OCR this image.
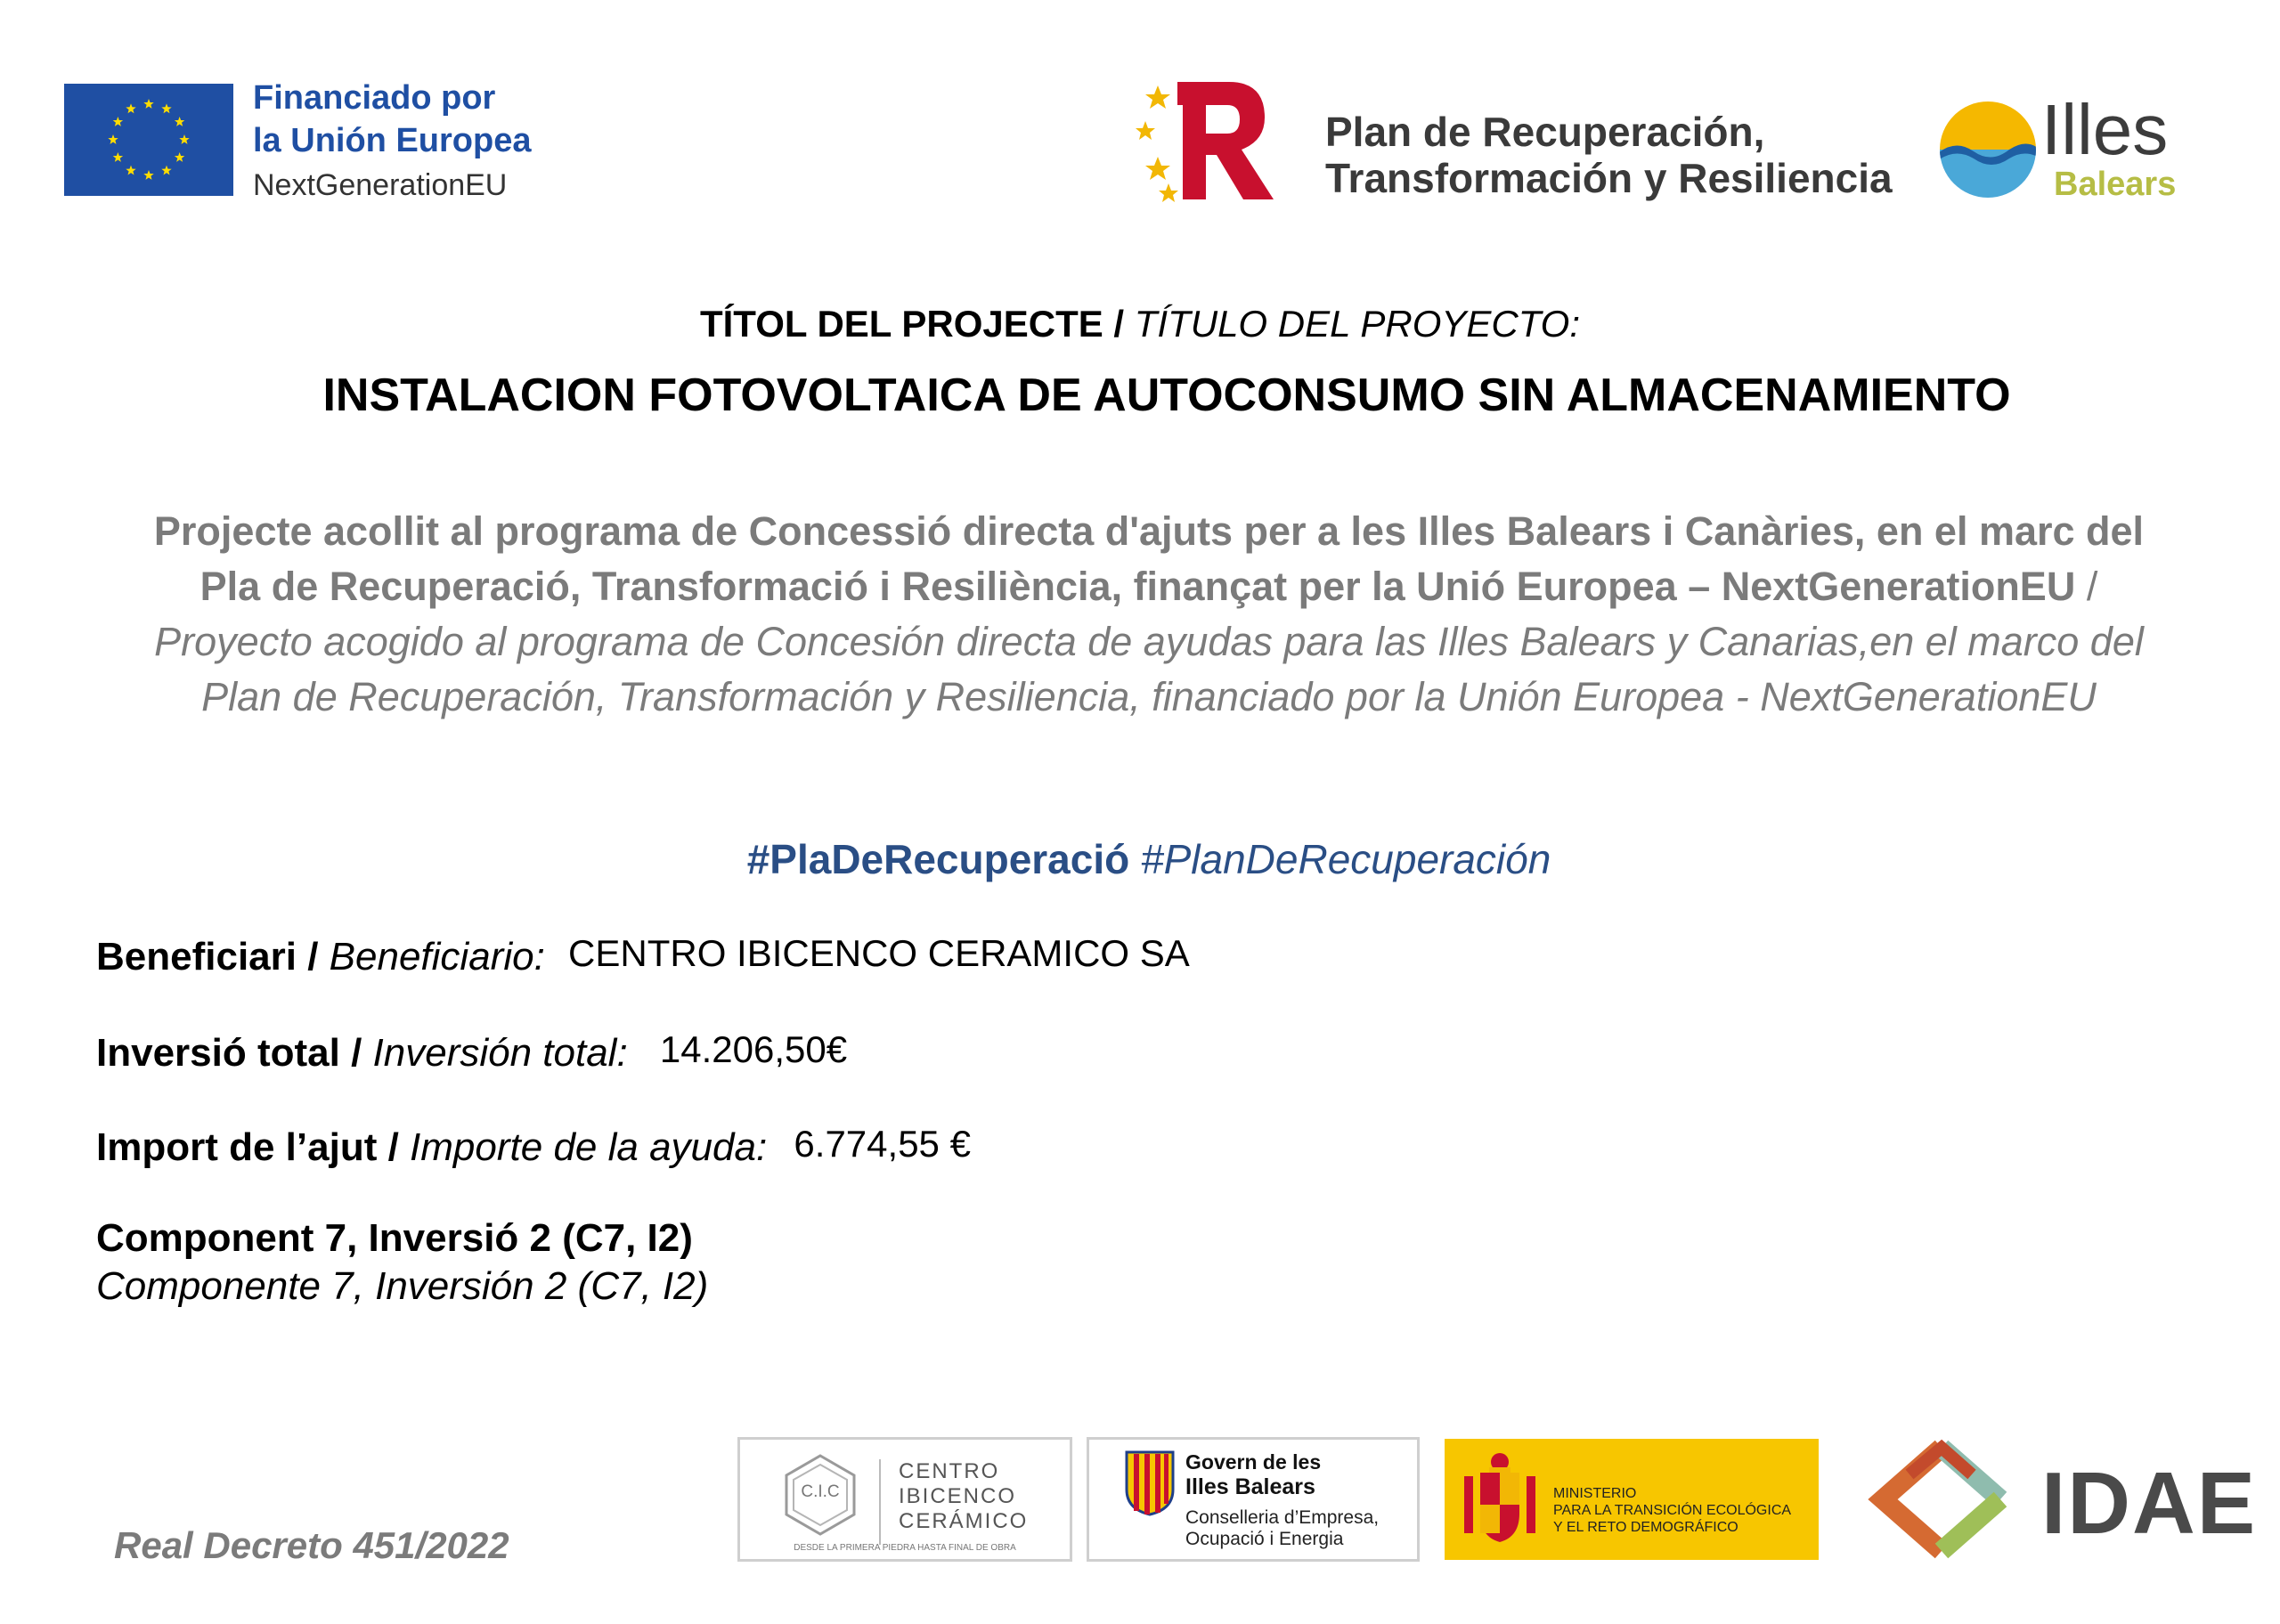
Financiado por
la Unión Europea
NextGenerationEU
Plan de Recuperación,
Transformación y Resiliencia
Illes
Balears
TÍTOL DEL PROJECTE / TÍTULO DEL PROYECTO:
INSTALACION FOTOVOLTAICA DE AUTOCONSUMO SIN ALMACENAMIENTO
Projecte acollit al programa de Concessió directa d'ajuts per a les Illes Balears i Canàries, en el marc del Pla de Recuperació, Transformació i Resiliència, finançat per la Unió Europea – NextGenerationEU / Proyecto acogido al programa de Concesión directa de ayudas para las Illes Balears y Canarias,en el marco del Plan de Recuperación, Transformación y Resiliencia, financiado por la Unión Europea - NextGenerationEU
#PlaDeRecuperació #PlanDeRecuperación
Beneficiari / Beneficiario: CENTRO IBICENCO CERAMICO SA
Inversió total / Inversión total: 14.206,50€
Import de l’ajut / Importe de la ayuda: 6.774,55 €
Component 7, Inversió 2 (C7, I2)
Componente 7, Inversión 2 (C7, I2)
Real Decreto 451/2022
C.I.C
CENTRO
IBICENCO
CERÁMICO
DESDE LA PRIMERA PIEDRA HASTA FINAL DE OBRA
Govern de les
Illes Balears
Conselleria d’Empresa,
Ocupació i Energia
MINISTERIO
PARA LA TRANSICIÓN ECOLÓGICA
Y EL RETO DEMOGRÁFICO	IDAE
